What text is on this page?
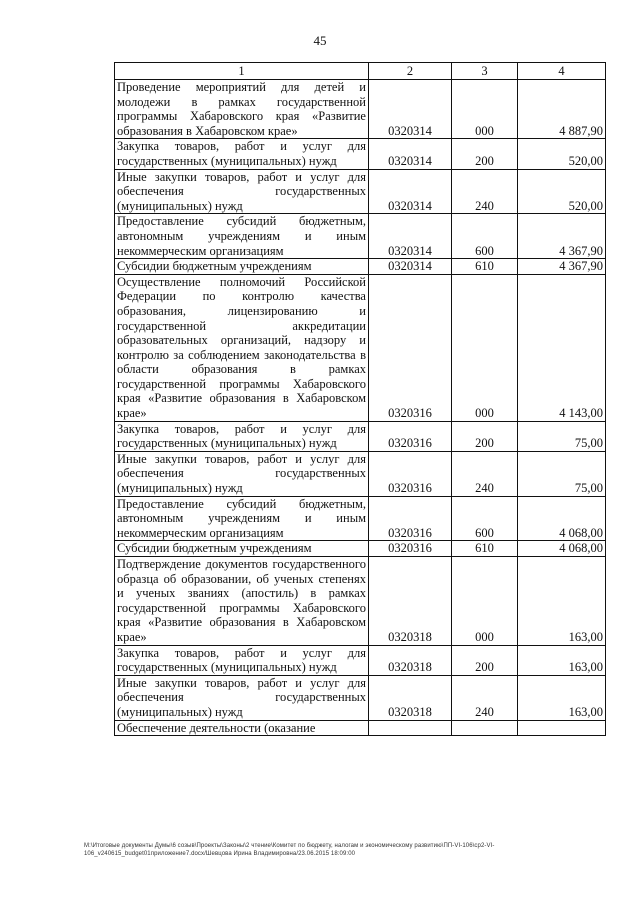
45
1	2	3	4
Проведение мероприятий для детей и молодежи в рамках государственной программы Хабаровского края «Развитие образования в Хабаровском крае»	0320314	000	4 887,90
Закупка товаров, работ и услуг для государственных (муниципальных) нужд	0320314	200	520,00
Иные закупки товаров, работ и услуг для обеспечения государственных (муниципальных) нужд	0320314	240	520,00
Предоставление субсидий бюджетным, автономным учреждениям и иным некоммерческим организациям	0320314	600	4 367,90
Субсидии бюджетным учреждениям	0320314	610	4 367,90
Осуществление полномочий Российской Федерации по контролю качества образования, лицензированию и государственной аккредитации образовательных организаций, надзору и контролю за соблюдением законодательства в области образования в рамках государственной программы Хабаровского края «Развитие образования в Хабаровском крае»	0320316	000	4 143,00
Закупка товаров, работ и услуг для государственных (муниципальных) нужд	0320316	200	75,00
Иные закупки товаров, работ и услуг для обеспечения государственных (муниципальных) нужд	0320316	240	75,00
Предоставление субсидий бюджетным, автономным учреждениям и иным некоммерческим организациям	0320316	600	4 068,00
Субсидии бюджетным учреждениям	0320316	610	4 068,00
Подтверждение документов государственного образца об образовании, об ученых степенях и ученых званиях (апостиль) в рамках государственной программы Хабаровского края «Развитие образования в Хабаровском крае»	0320318	000	163,00
Закупка товаров, работ и услуг для государственных (муниципальных) нужд	0320318	200	163,00
Иные закупки товаров, работ и услуг для обеспечения государственных (муниципальных) нужд	0320318	240	163,00
Обеспечение деятельности (оказание			
M:\Итоговые документы Думы\6 созыв\Проекты\Законы\2 чтение\Комитет по бюджету, налогам и экономическому развитию\ПП-VI-106\ср2-VI-106_v240615_budget01приложение7.docx/Шевцова Ирина Владимировна/23.06.2015 18:09:00
